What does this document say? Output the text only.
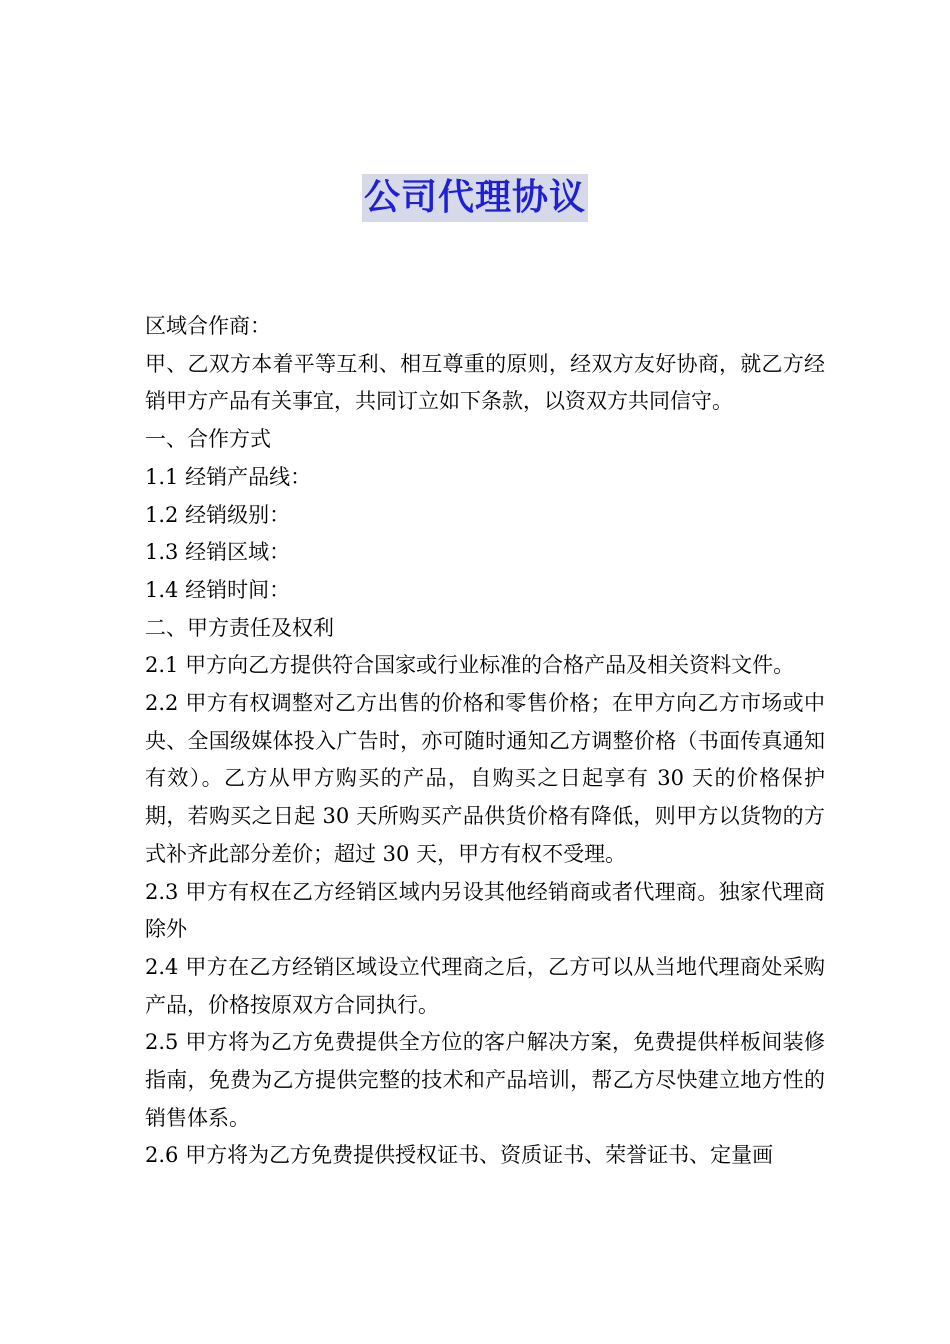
公司代理协议

区域合作商：

甲、乙双方本着平等互利、相互尊重的原则，经双方友好协商，就乙方经销甲方产品有关事宜，共同订立如下条款，以资双方共同信守。

一、合作方式

1.1 经销产品线：

1.2 经销级别：

1.3 经销区域：

1.4 经销时间：

二、甲方责任及权利

2.1 甲方向乙方提供符合国家或行业标准的合格产品及相关资料文件。

2.2 甲方有权调整对乙方出售的价格和零售价格；在甲方向乙方市场或中央、全国级媒体投入广告时，亦可随时通知乙方调整价格（书面传真通知有效）。乙方从甲方购买的产品，自购买之日起享有 30 天的价格保护期，若购买之日起 30 天所购买产品供货价格有降低，则甲方以货物的方式补齐此部分差价；超过 30 天，甲方有权不受理。

2.3 甲方有权在乙方经销区域内另设其他经销商或者代理商。独家代理商除外

2.4 甲方在乙方经销区域设立代理商之后，乙方可以从当地代理商处采购产品，价格按原双方合同执行。

2.5 甲方将为乙方免费提供全方位的客户解决方案，免费提供样板间装修指南，免费为乙方提供完整的技术和产品培训，帮乙方尽快建立地方性的销售体系。

2.6 甲方将为乙方免费提供授权证书、资质证书、荣誉证书、定量画
